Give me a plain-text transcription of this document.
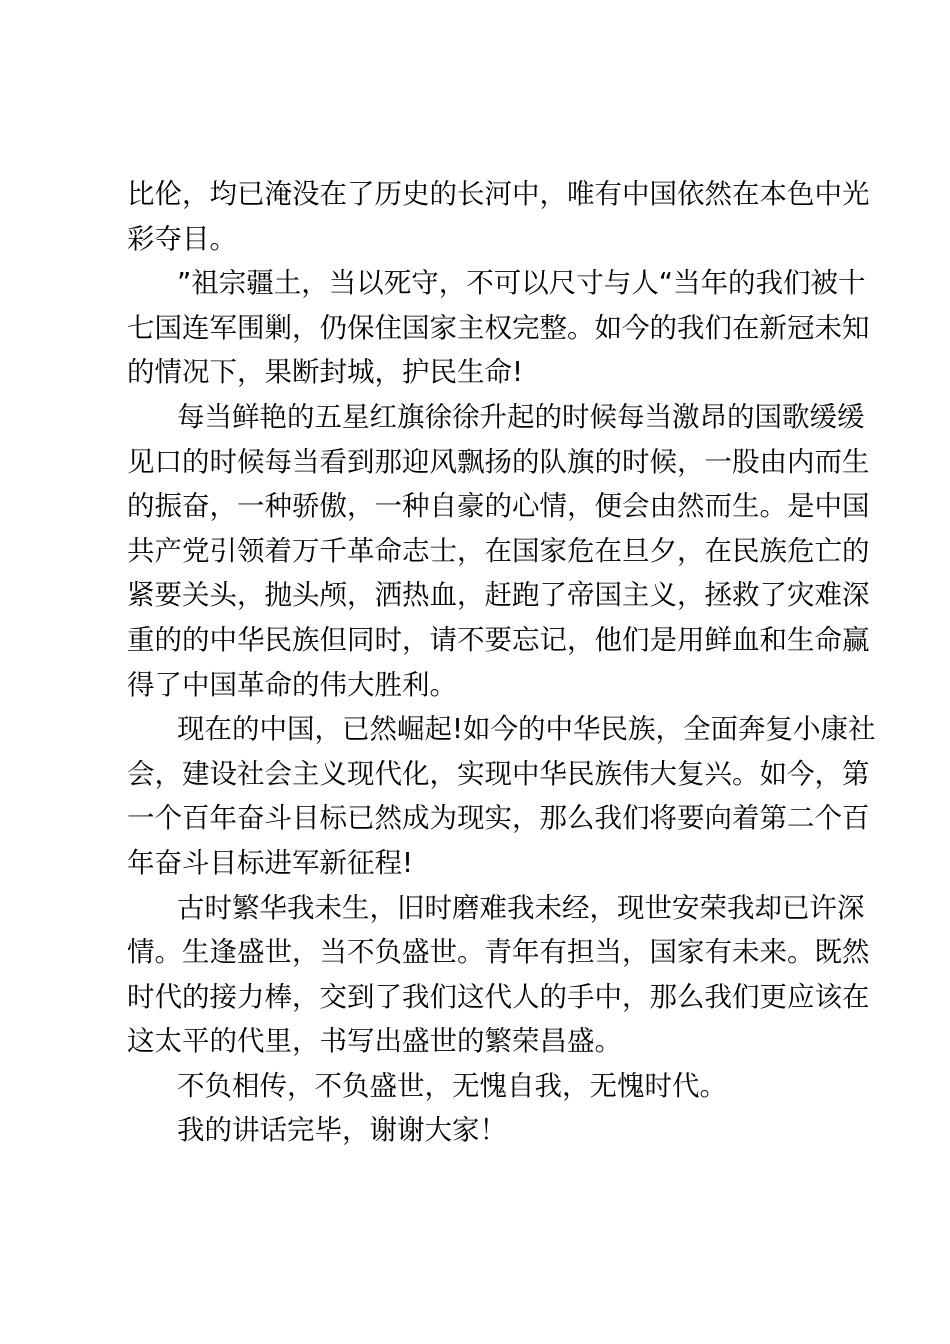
比伦，均已淹没在了历史的长河中，唯有中国依然在本色中光
彩夺目。
”祖宗疆土，当以死守，不可以尺寸与人“当年的我们被十
七国连军围剿，仍保住国家主权完整。如今的我们在新冠未知
的情况下，果断封城，护民生命!
每当鲜艳的五星红旗徐徐升起的时候每当激昂的国歌缓缓
见口的时候每当看到那迎风飘扬的队旗的时候，一股由内而生
的振奋，一种骄傲，一种自豪的心情，便会由然而生。是中国
共产党引领着万千革命志士，在国家危在旦夕，在民族危亡的
紧要关头，抛头颅，洒热血，赶跑了帝国主义，拯救了灾难深
重的的中华民族但同时，请不要忘记，他们是用鲜血和生命赢
得了中国革命的伟大胜利。
现在的中国，已然崛起!如今的中华民族，全面奔复小康社
会，建设社会主义现代化，实现中华民族伟大复兴。如今，第
一个百年奋斗目标已然成为现实，那么我们将要向着第二个百
年奋斗目标进军新征程!
古时繁华我未生，旧时磨难我未经，现世安荣我却已许深
情。生逢盛世，当不负盛世。青年有担当，国家有未来。既然
时代的接力棒，交到了我们这代人的手中，那么我们更应该在
这太平的代里，书写出盛世的繁荣昌盛。
不负相传，不负盛世，无愧自我，无愧时代。
我的讲话完毕，谢谢大家！
